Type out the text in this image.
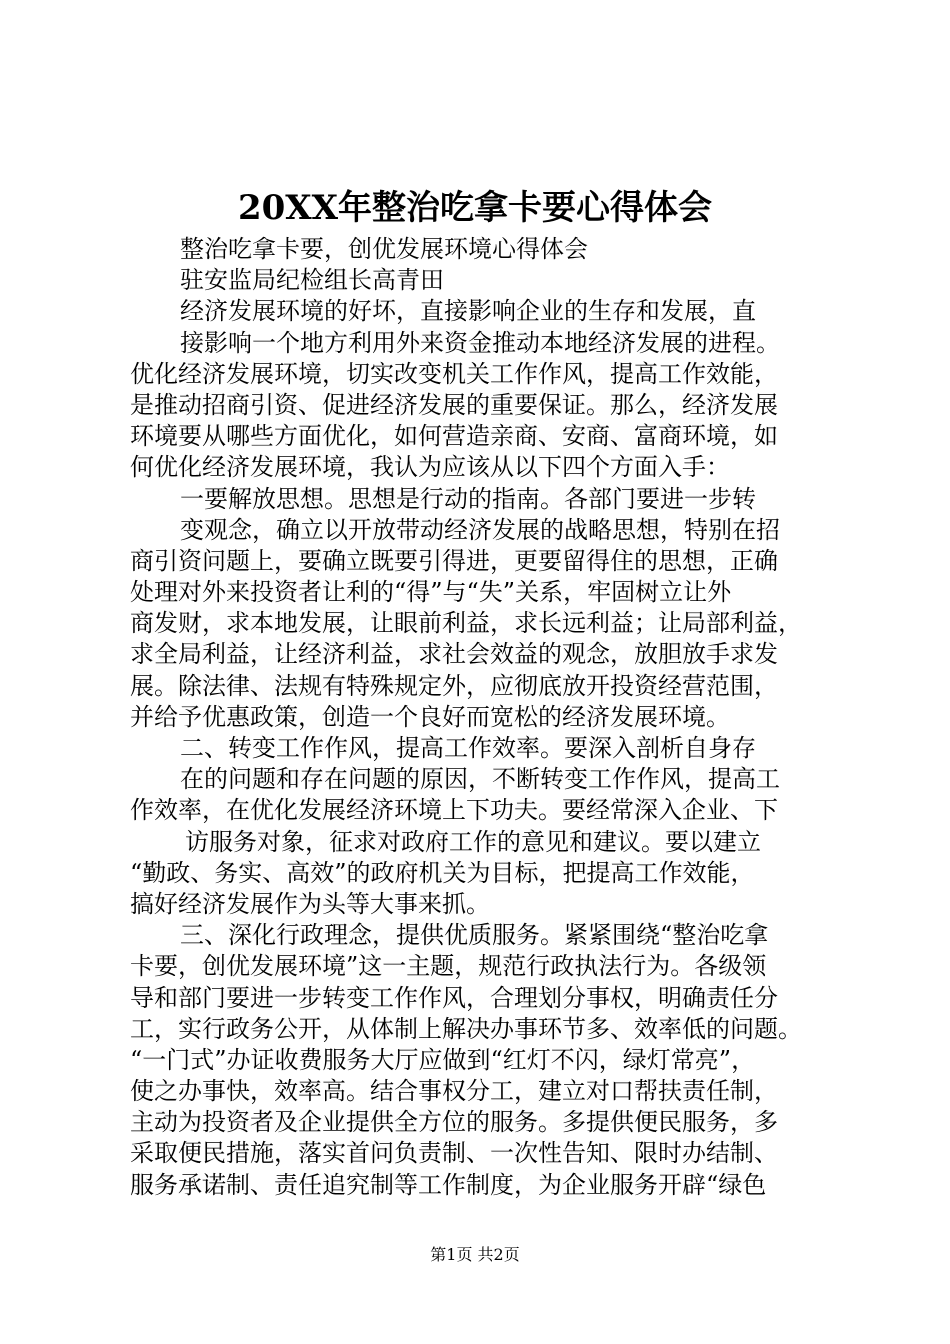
20XX年整治吃拿卡要心得体会
整治吃拿卡要，创优发展环境心得体会
驻安监局纪检组长高青田
经济发展环境的好坏，直接影响企业的生存和发展，直
接影响一个地方利用外来资金推动本地经济发展的进程。
优化经济发展环境，切实改变机关工作作风，提高工作效能，
是推动招商引资、促进经济发展的重要保证。那么，经济发展
环境要从哪些方面优化，如何营造亲商、安商、富商环境，如
何优化经济发展环境，我认为应该从以下四个方面入手：
一要解放思想。思想是行动的指南。各部门要进一步转
变观念，确立以开放带动经济发展的战略思想，特别在招
商引资问题上，要确立既要引得进，更要留得住的思想，正确
处理对外来投资者让利的“得”与“失”关系，牢固树立让外
商发财，求本地发展，让眼前利益，求长远利益；让局部利益，
求全局利益，让经济利益，求社会效益的观念，放胆放手求发
展。除法律、法规有特殊规定外，应彻底放开投资经营范围，
并给予优惠政策，创造一个良好而宽松的经济发展环境。
二、转变工作作风，提高工作效率。要深入剖析自身存
在的问题和存在问题的原因，不断转变工作作风，提高工
作效率，在优化发展经济环境上下功夫。要经常深入企业、下
访服务对象，征求对政府工作的意见和建议。要以建立
“勤政、务实、高效”的政府机关为目标，把提高工作效能，
搞好经济发展作为头等大事来抓。
三、深化行政理念，提供优质服务。紧紧围绕“整治吃拿
卡要，创优发展环境”这一主题，规范行政执法行为。各级领
导和部门要进一步转变工作作风，合理划分事权，明确责任分
工，实行政务公开，从体制上解决办事环节多、效率低的问题。
“一门式”办证收费服务大厅应做到“红灯不闪，绿灯常亮”，
使之办事快，效率高。结合事权分工，建立对口帮扶责任制，
主动为投资者及企业提供全方位的服务。多提供便民服务，多
采取便民措施，落实首问负责制、一次性告知、限时办结制、
服务承诺制、责任追究制等工作制度，为企业服务开辟“绿色
第1页 共2页
